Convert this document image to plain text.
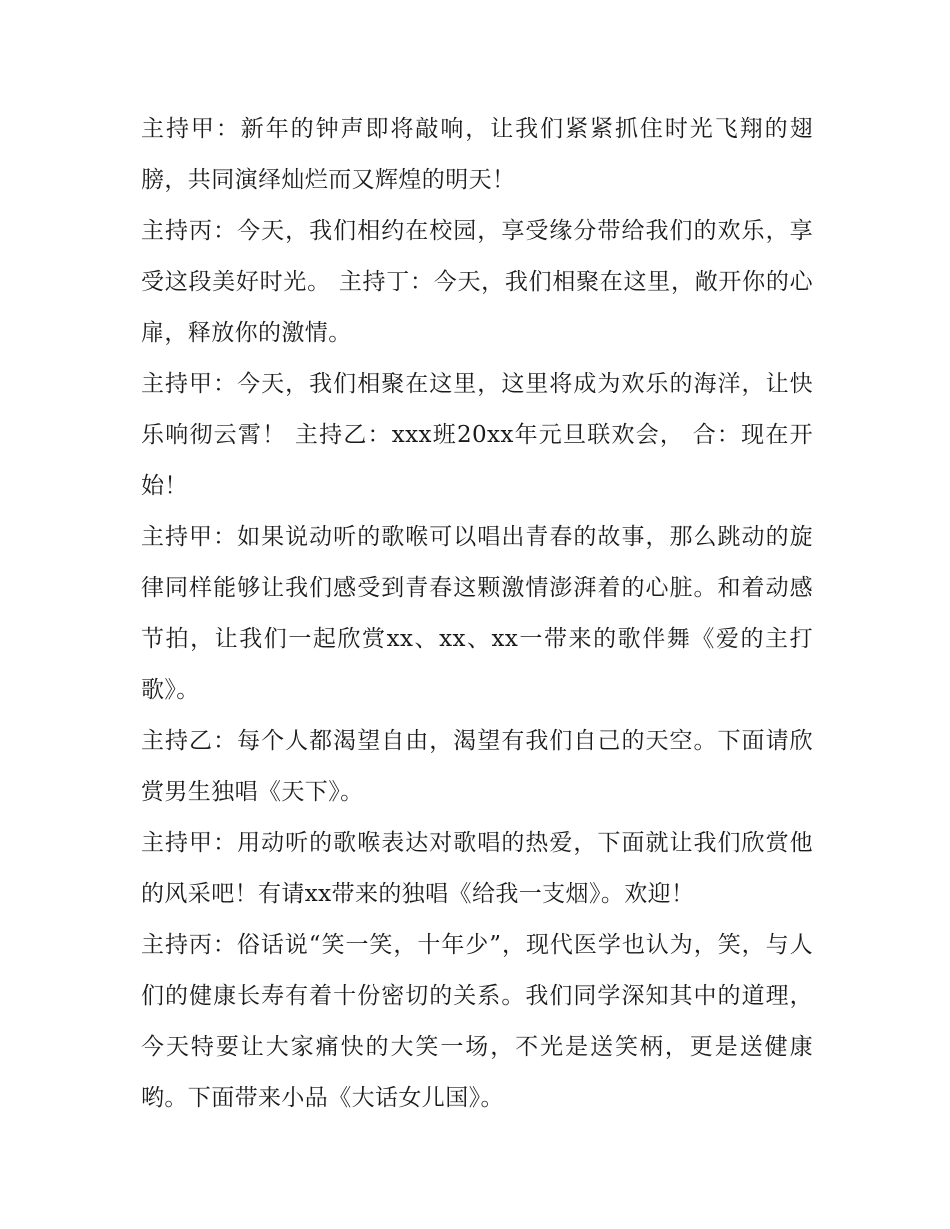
主持甲：新年的钟声即将敲响，让我们紧紧抓住时光飞翔的翅膀，共同演绎灿烂而又辉煌的明天！

主持丙：今天，我们相约在校园，享受缘分带给我们的欢乐，享受这段美好时光。 主持丁：今天，我们相聚在这里，敞开你的心扉，释放你的激情。

主持甲：今天，我们相聚在这里，这里将成为欢乐的海洋，让快乐响彻云霄！ 主持乙：xxx班20xx年元旦联欢会， 合：现在开始！

主持甲：如果说动听的歌喉可以唱出青春的故事，那么跳动的旋律同样能够让我们感受到青春这颗激情澎湃着的心脏。和着动感节拍，让我们一起欣赏xx、xx、xx一带来的歌伴舞《爱的主打歌》。

主持乙：每个人都渴望自由，渴望有我们自己的天空。下面请欣赏男生独唱《天下》。

主持甲：用动听的歌喉表达对歌唱的热爱，下面就让我们欣赏他的风采吧！有请xx带来的独唱《给我一支烟》。欢迎！

主持丙：俗话说“笑一笑，十年少”，现代医学也认为，笑，与人们的健康长寿有着十份密切的关系。我们同学深知其中的道理，今天特要让大家痛快的大笑一场，不光是送笑柄，更是送健康哟。下面带来小品《大话女儿国》。
